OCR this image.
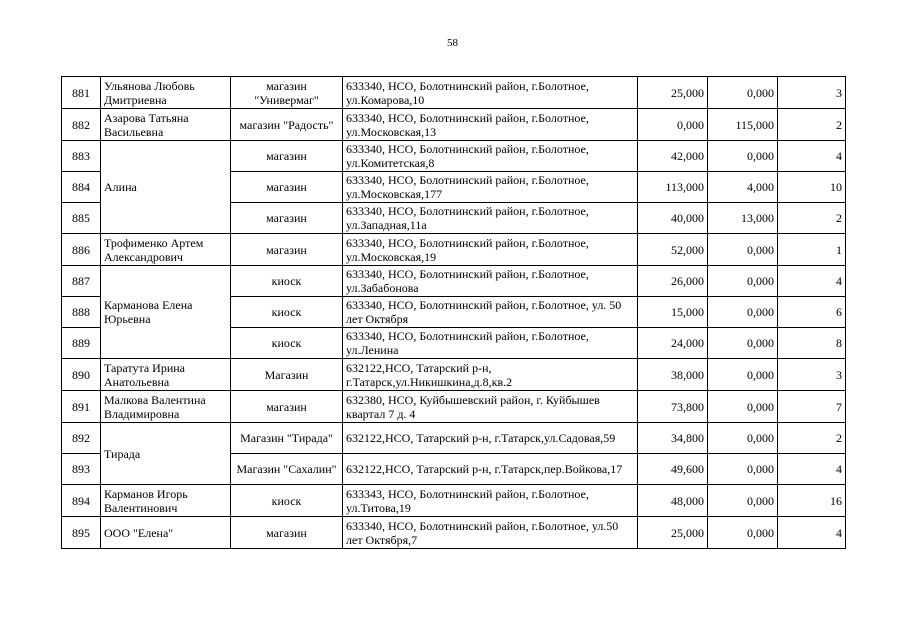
58
881	Ульянова Любовь Дмитриевна	магазин "Универмаг"	633340, НСО, Болотнинский район, г.Болотное, ул.Комарова,10	25,000	0,000	3
882	Азарова Татьяна Васильевна	магазин "Радость"	633340, НСО, Болотнинский район, г.Болотное, ул.Московская,13	0,000	115,000	2
883	Алина	магазин	633340, НСО, Болотнинский район, г.Болотное, ул.Комитетская,8	42,000	0,000	4
884		магазин	633340, НСО, Болотнинский район, г.Болотное, ул.Московская,177	113,000	4,000	10
885		магазин	633340, НСО, Болотнинский район, г.Болотное, ул.Западная,11а	40,000	13,000	2
886	Трофименко Артем Александрович	магазин	633340, НСО, Болотнинский район, г.Болотное, ул.Московская,19	52,000	0,000	1
887	Карманова Елена Юрьевна	киоск	633340, НСО, Болотнинский район, г.Болотное, ул.Забабонова	26,000	0,000	4
888		киоск	633340, НСО, Болотнинский район, г.Болотное, ул. 50 лет Октября	15,000	0,000	6
889		киоск	633340, НСО, Болотнинский район, г.Болотное, ул.Ленина	24,000	0,000	8
890	Таратута Ирина Анатольевна	Магазин	632122,НСО, Татарский р-н, г.Татарск,ул.Никишкина,д.8,кв.2	38,000	0,000	3
891	Малкова Валентина Владимировна	магазин	632380, НСО, Куйбышевский район, г. Куйбышев квартал 7 д. 4	73,800	0,000	7
892	Тирада	Магазин "Тирада"	632122,НСО, Татарский р-н, г.Татарск,ул.Садовая,59	34,800	0,000	2
893		Магазин "Сахалин"	632122,НСО, Татарский р-н, г.Татарск,пер.Войкова,17	49,600	0,000	4
894	Карманов Игорь Валентинович	киоск	633343, НСО, Болотнинский район, г.Болотное, ул.Титова,19	48,000	0,000	16
895	ООО "Елена"	магазин	633340, НСО, Болотнинский район, г.Болотное, ул.50 лет Октября,7	25,000	0,000	4
